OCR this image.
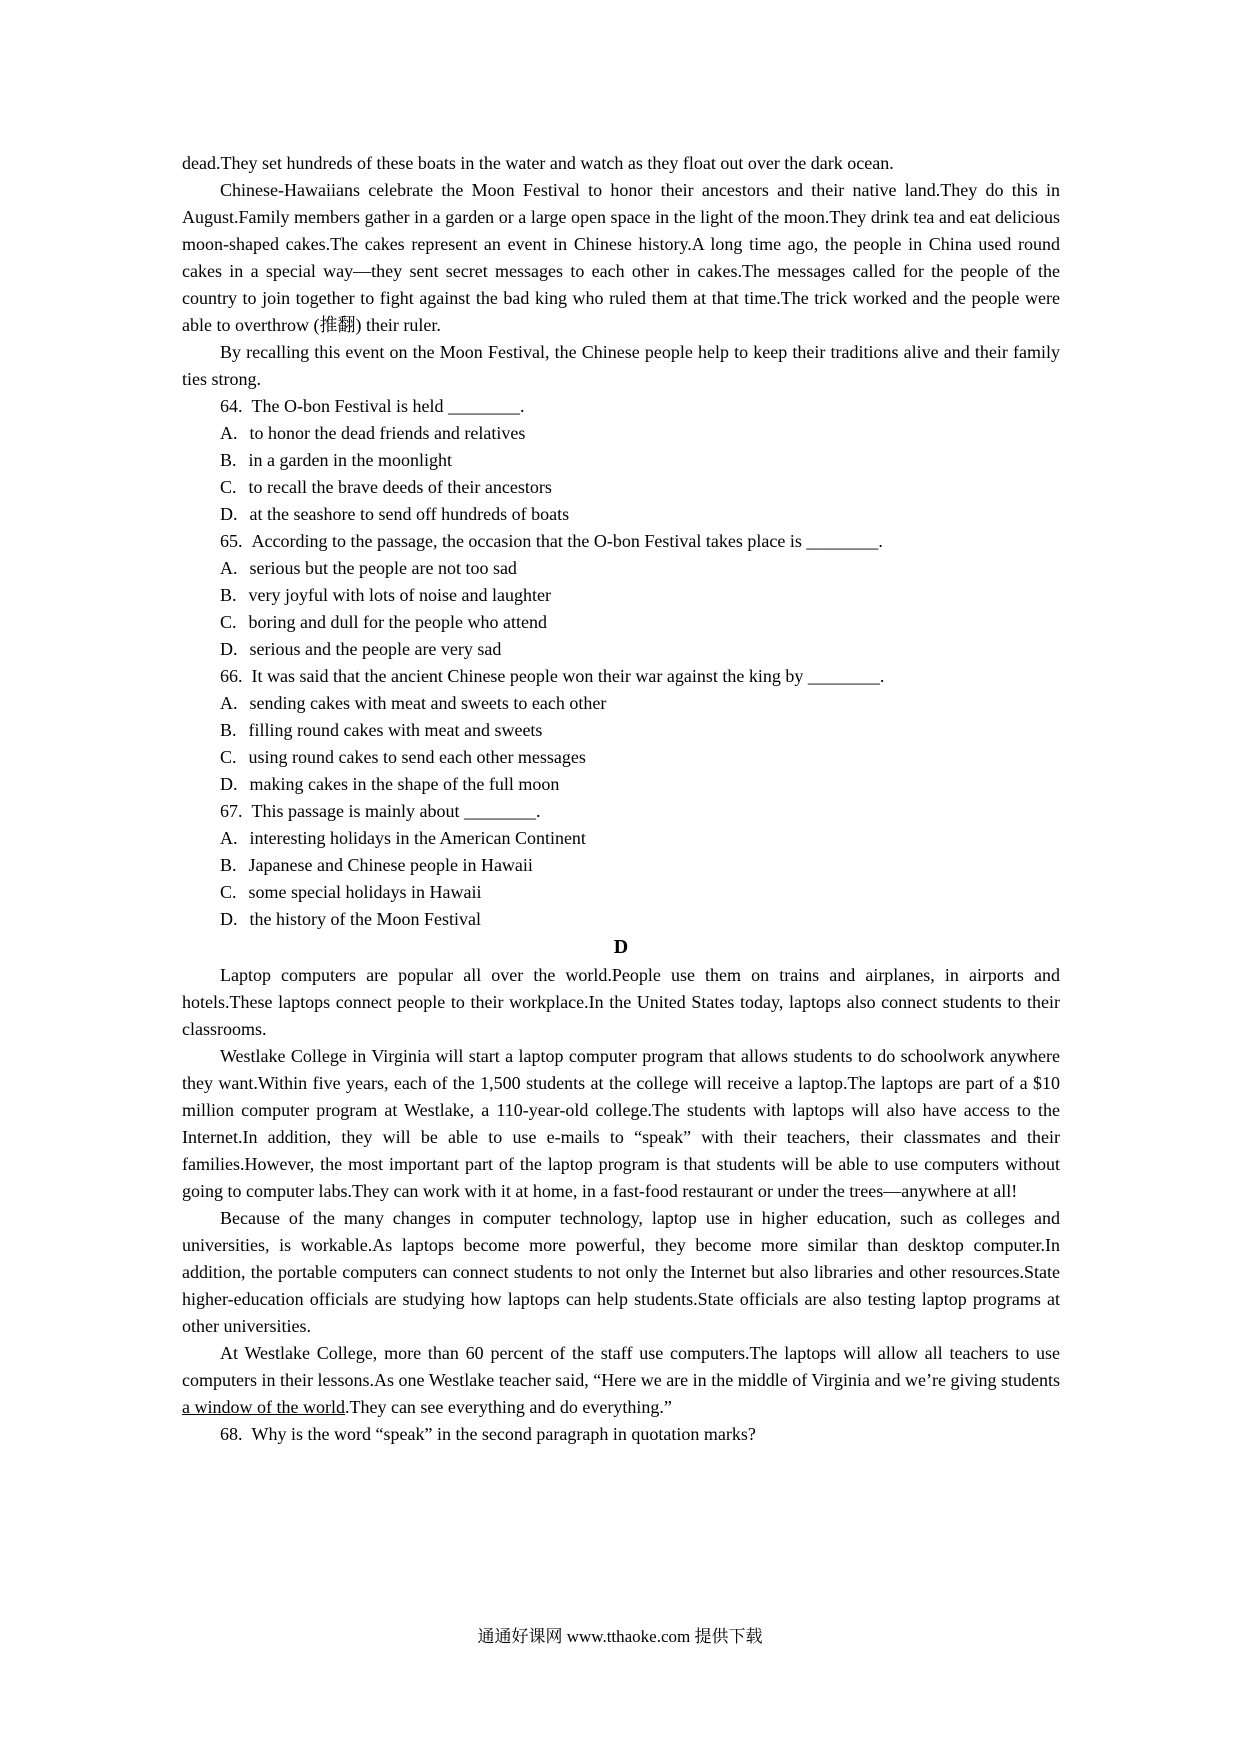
dead.They set hundreds of these boats in the water and watch as they float out over the dark ocean.

Chinese-Hawaiians celebrate the Moon Festival to honor their ancestors and their native land.They do this in August.Family members gather in a garden or a large open space in the light of the moon.They drink tea and eat delicious moon-shaped cakes.The cakes represent an event in Chinese history.A long time ago, the people in China used round cakes in a special way—they sent secret messages to each other in cakes.The messages called for the people of the country to join together to fight against the bad king who ruled them at that time.The trick worked and the people were able to overthrow (推翻) their ruler.

By recalling this event on the Moon Festival, the Chinese people help to keep their traditions alive and their family ties strong.

64. The O-bon Festival is held ________.
A. to honor the dead friends and relatives
B. in a garden in the moonlight
C. to recall the brave deeds of their ancestors
D. at the seashore to send off hundreds of boats
65. According to the passage, the occasion that the O-bon Festival takes place is ________.
A. serious but the people are not too sad
B. very joyful with lots of noise and laughter
C. boring and dull for the people who attend
D. serious and the people are very sad
66. It was said that the ancient Chinese people won their war against the king by ________.
A. sending cakes with meat and sweets to each other
B. filling round cakes with meat and sweets
C. using round cakes to send each other messages
D. making cakes in the shape of the full moon
67. This passage is mainly about ________.
A. interesting holidays in the American Continent
B. Japanese and Chinese people in Hawaii
C. some special holidays in Hawaii
D. the history of the Moon Festival
D

Laptop computers are popular all over the world.People use them on trains and airplanes, in airports and hotels.These laptops connect people to their workplace.In the United States today, laptops also connect students to their classrooms.

Westlake College in Virginia will start a laptop computer program that allows students to do schoolwork anywhere they want.Within five years, each of the 1,500 students at the college will receive a laptop.The laptops are part of a $10 million computer program at Westlake, a 110-year-old college.The students with laptops will also have access to the Internet.In addition, they will be able to use e-mails to “speak” with their teachers, their classmates and their families.However, the most important part of the laptop program is that students will be able to use computers without going to computer labs.They can work with it at home, in a fast-food restaurant or under the trees—anywhere at all!

Because of the many changes in computer technology, laptop use in higher education, such as colleges and universities, is workable.As laptops become more powerful, they become more similar than desktop computer.In addition, the portable computers can connect students to not only the Internet but also libraries and other resources.State higher-education officials are studying how laptops can help students.State officials are also testing laptop programs at other universities.

At Westlake College, more than 60 percent of the staff use computers.The laptops will allow all teachers to use computers in their lessons.As one Westlake teacher said, “Here we are in the middle of Virginia and we’re giving students a window of the world.They can see everything and do everything.”

68. Why is the word “speak” in the second paragraph in quotation marks?
通通好课网 www.tthaoke.com 提供下载
